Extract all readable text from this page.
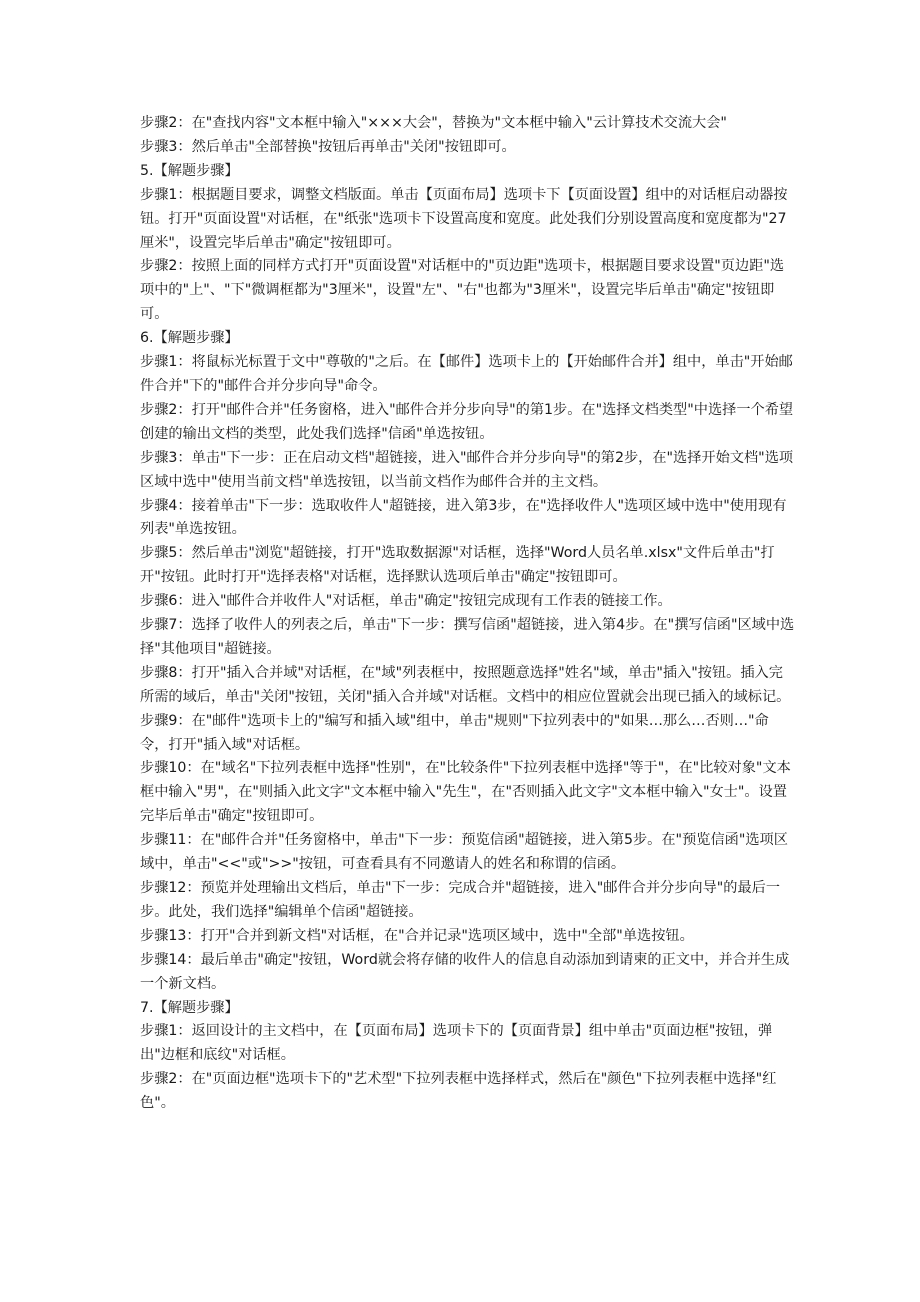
步骤2：在"查找内容"文本框中输入"×××大会"，替换为"文本框中输入"云计算技术交流大会"

步骤3：然后单击"全部替换"按钮后再单击"关闭"按钮即可。

5.【解题步骤】

步骤1：根据题目要求，调整文档版面。单击【页面布局】选项卡下【页面设置】组中的对话框启动器按钮。打开"页面设置"对话框，在"纸张"选项卡下设置高度和宽度。此处我们分别设置高度和宽度都为"27厘米"，设置完毕后单击"确定"按钮即可。

步骤2：按照上面的同样方式打开"页面设置"对话框中的"页边距"选项卡，根据题目要求设置"页边距"选项中的"上"、"下"微调框都为"3厘米"，设置"左"、"右"也都为"3厘米"，设置完毕后单击"确定"按钮即可。

6.【解题步骤】

步骤1：将鼠标光标置于文中"尊敬的"之后。在【邮件】选项卡上的【开始邮件合并】组中，单击"开始邮件合并"下的"邮件合并分步向导"命令。

步骤2：打开"邮件合并"任务窗格，进入"邮件合并分步向导"的第1步。在"选择文档类型"中选择一个希望创建的输出文档的类型，此处我们选择"信函"单选按钮。

步骤3：单击"下一步：正在启动文档"超链接，进入"邮件合并分步向导"的第2步，在"选择开始文档"选项区域中选中"使用当前文档"单选按钮，以当前文档作为邮件合并的主文档。

步骤4：接着单击"下一步：选取收件人"超链接，进入第3步，在"选择收件人"选项区域中选中"使用现有列表"单选按钮。

步骤5：然后单击"浏览"超链接，打开"选取数据源"对话框，选择"Word人员名单.xlsx"文件后单击"打开"按钮。此时打开"选择表格"对话框，选择默认选项后单击"确定"按钮即可。

步骤6：进入"邮件合并收件人"对话框，单击"确定"按钮完成现有工作表的链接工作。

步骤7：选择了收件人的列表之后，单击"下一步：撰写信函"超链接，进入第4步。在"撰写信函"区域中选择"其他项目"超链接。

步骤8：打开"插入合并域"对话框，在"域"列表框中，按照题意选择"姓名"域，单击"插入"按钮。插入完所需的域后，单击"关闭"按钮，关闭"插入合并域"对话框。文档中的相应位置就会出现已插入的域标记。

步骤9：在"邮件"选项卡上的"编写和插入域"组中，单击"规则"下拉列表中的"如果…那么…否则…"命令，打开"插入域"对话框。

步骤10：在"域名"下拉列表框中选择"性别"，在"比较条件"下拉列表框中选择"等于"，在"比较对象"文本框中输入"男"，在"则插入此文字"文本框中输入"先生"，在"否则插入此文字"文本框中输入"女士"。设置完毕后单击"确定"按钮即可。

步骤11：在"邮件合并"任务窗格中，单击"下一步：预览信函"超链接，进入第5步。在"预览信函"选项区域中，单击"<<"或">>"按钮，可查看具有不同邀请人的姓名和称谓的信函。

步骤12：预览并处理输出文档后，单击"下一步：完成合并"超链接，进入"邮件合并分步向导"的最后一步。此处，我们选择"编辑单个信函"超链接。

步骤13：打开"合并到新文档"对话框，在"合并记录"选项区域中，选中"全部"单选按钮。

步骤14：最后单击"确定"按钮，Word就会将存储的收件人的信息自动添加到请柬的正文中，并合并生成一个新文档。

7.【解题步骤】

步骤1：返回设计的主文档中，在【页面布局】选项卡下的【页面背景】组中单击"页面边框"按钮，弹出"边框和底纹"对话框。

步骤2：在"页面边框"选项卡下的"艺术型"下拉列表框中选择样式，然后在"颜色"下拉列表框中选择"红色"。
